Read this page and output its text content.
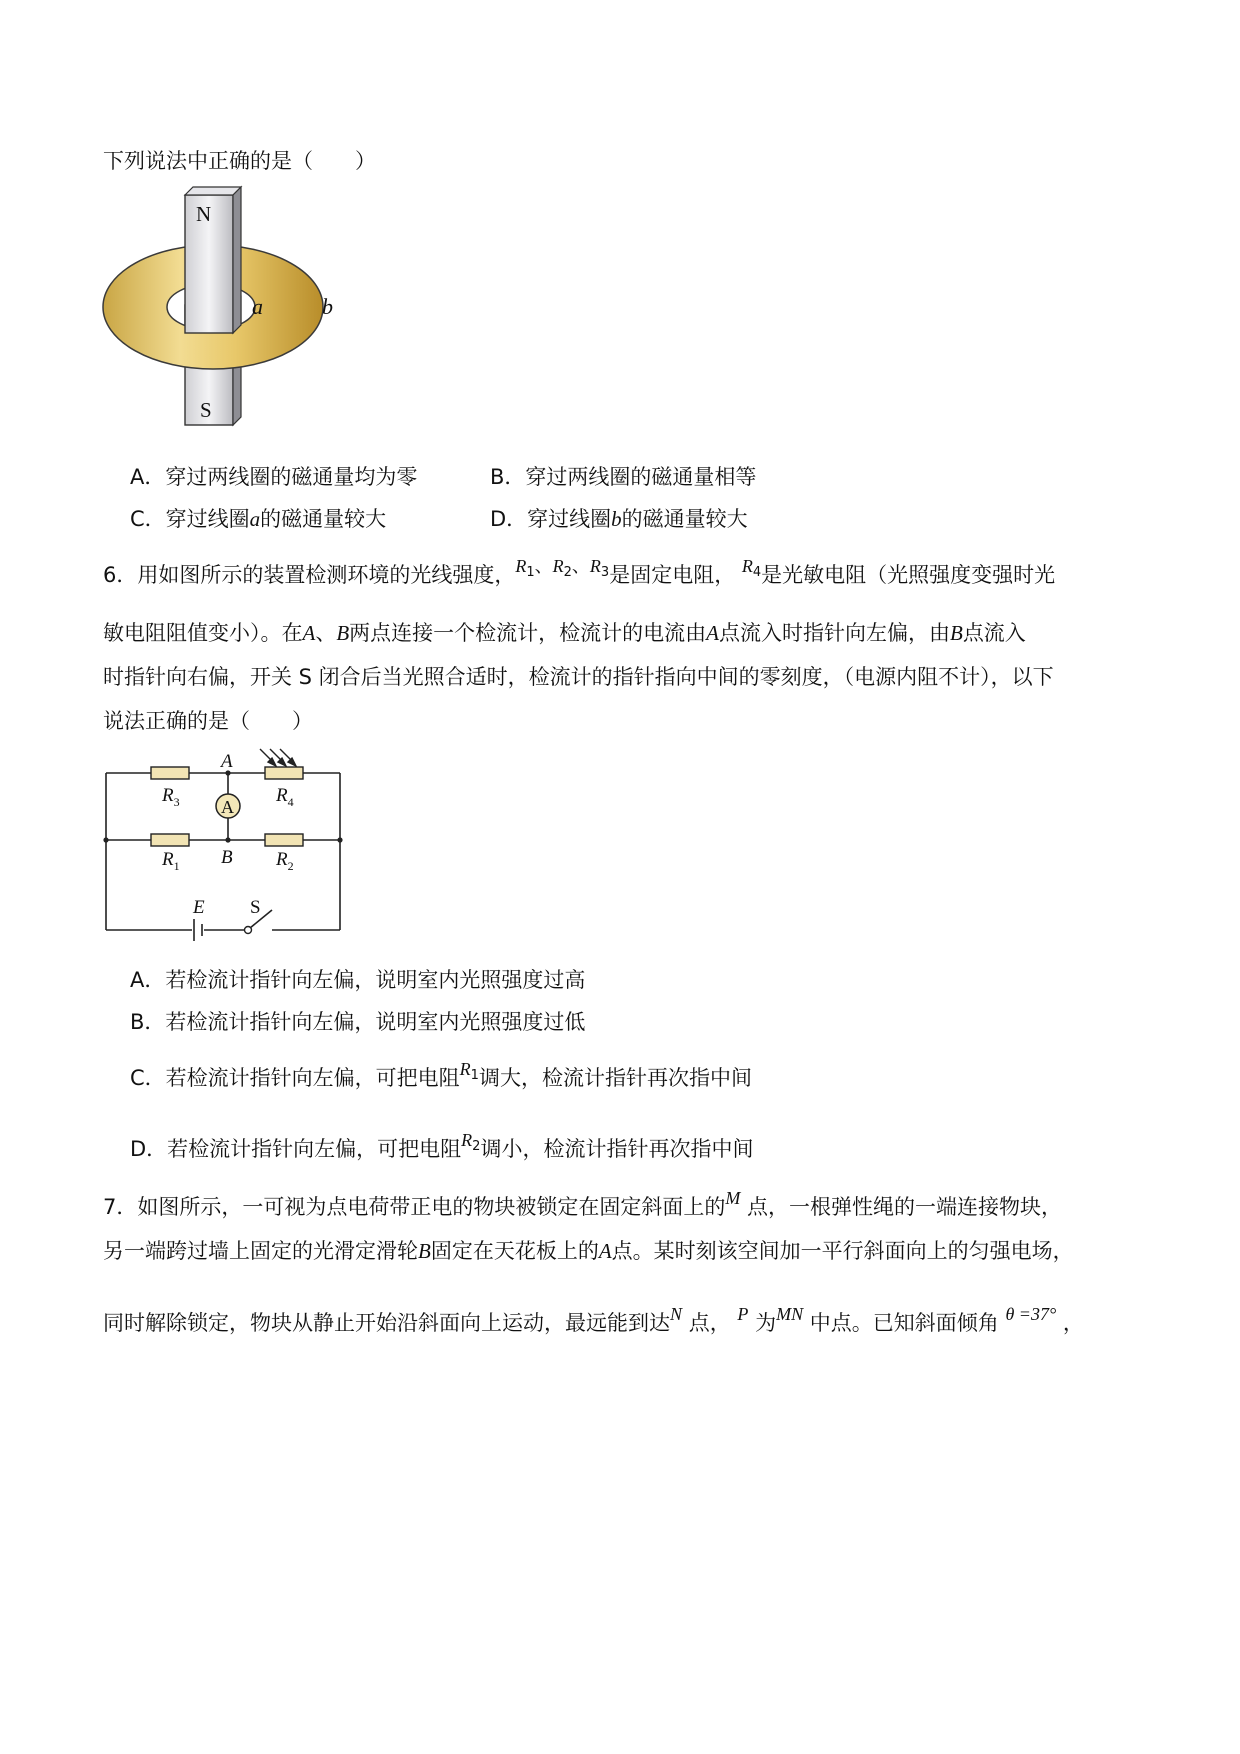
下列说法中正确的是（　　）
N
S
a	b
A．穿过两线圈的磁通量均为零	B．穿过两线圈的磁通量相等
C．穿过线圈a的磁通量较大	D．穿过线圈b的磁通量较大
6．用如图所示的装置检测环境的光线强度，$R_1$、$R_2$、$R_3$是固定电阻， $R_4$是光敏电阻（光照强度变强时光
敏电阻阻值变小）。在A、B两点连接一个检流计，检流计的电流由A点流入时指针向左偏，由B点流入
时指针向右偏，开关 S 闭合后当光照合适时，检流计的指针指向中间的零刻度，（电源内阻不计），以下
说法正确的是（　　）
A
A
B
$R_3$	$R_4$
$R_1$	$R_2$
E S
A．若检流计指针向左偏，说明室内光照强度过高
B．若检流计指针向左偏，说明室内光照强度过低
C．若检流计指针向左偏，可把电阻$R_1$调大，检流计指针再次指中间
D．若检流计指针向左偏，可把电阻$R_2$调小，检流计指针再次指中间
7．如图所示，一可视为点电荷带正电的物块被锁定在固定斜面上的M 点，一根弹性绳的一端连接物块，
另一端跨过墙上固定的光滑定滑轮B固定在天花板上的A点。某时刻该空间加一平行斜面向上的匀强电场，
同时解除锁定，物块从静止开始沿斜面向上运动，最远能到达N 点， P 为MN 中点。已知斜面倾角 θ =37° ，
